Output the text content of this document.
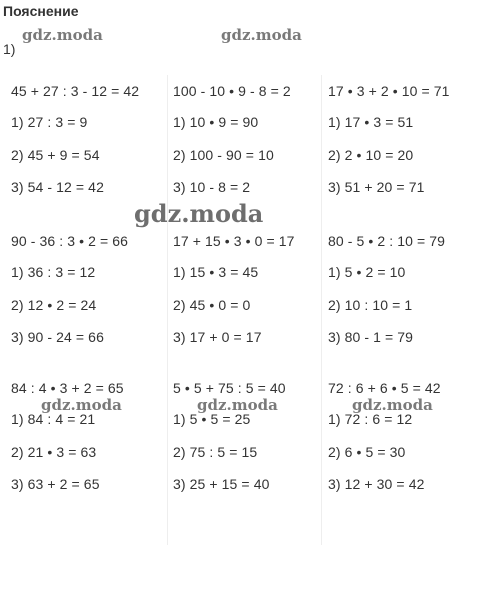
Пояснение
1)
45 + 27 : 3 - 12 = 42
1) 27 : 3 = 9
2) 45 + 9 = 54
3) 54 - 12 = 42
100 - 10 • 9 - 8 = 2
1) 10 • 9 = 90
2) 100 - 90 = 10
3) 10 - 8 = 2
17 • 3 + 2 • 10 = 71
1) 17 • 3 = 51
2) 2 • 10 = 20
3) 51 + 20 = 71
90 - 36 : 3 • 2 = 66
1) 36 : 3 = 12
2) 12 • 2 = 24
3) 90 - 24 = 66
17 + 15 • 3 • 0 = 17
1) 15 • 3 = 45
2) 45 • 0 = 0
3) 17 + 0 = 17
80 - 5 • 2 : 10 = 79
1) 5 • 2 = 10
2) 10 : 10 = 1
3) 80 - 1 = 79
84 : 4 • 3 + 2 = 65
1) 84 : 4 = 21
2) 21 • 3 = 63
3) 63 + 2 = 65
5 • 5 + 75 : 5 = 40
1) 5 • 5 = 25
2) 75 : 5 = 15
3) 25 + 15 = 40
72 : 6 + 6 • 5 = 42
1) 72 : 6 = 12
2) 6 • 5 = 30
3) 12 + 30 = 42
gdz.moda	gdz.moda
gdz.moda
gdz.moda	gdz.moda	gdz.moda
